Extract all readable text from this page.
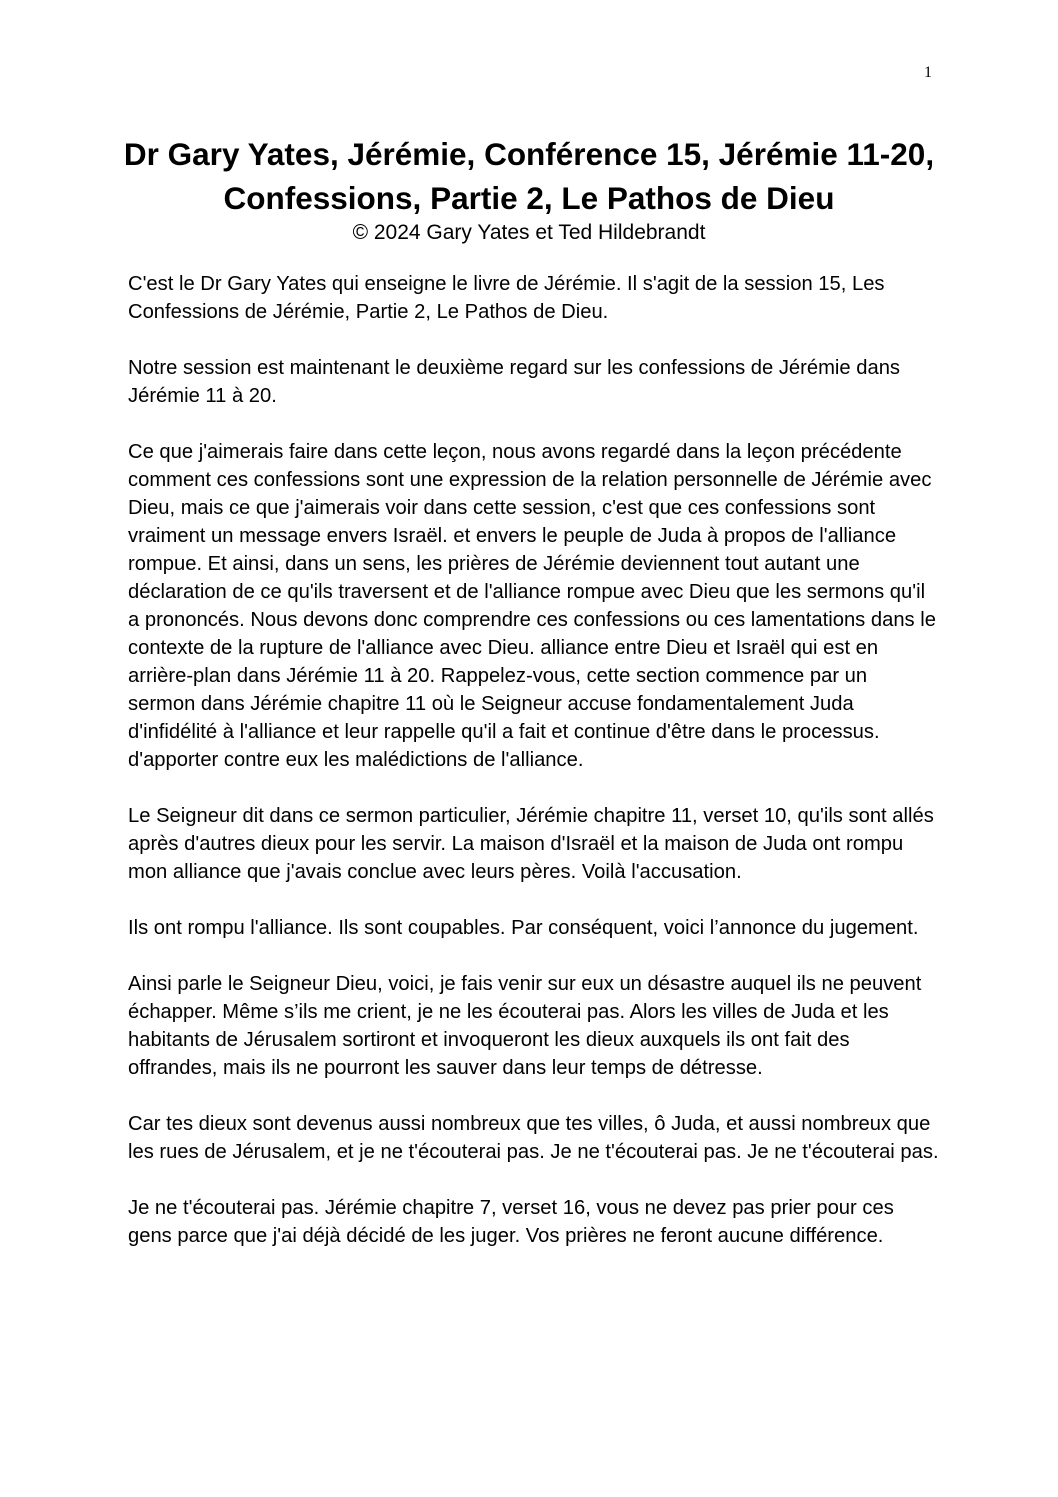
1

Dr Gary Yates, Jérémie, Conférence 15, Jérémie 11-20,

Confessions, Partie 2, Le Pathos de Dieu

© 2024 Gary Yates et Ted Hildebrandt

C'est le Dr Gary Yates qui enseigne le livre de Jérémie. Il s'agit de la session 15, Les Confessions de Jérémie, Partie 2, Le Pathos de Dieu.

Notre session est maintenant le deuxième regard sur les confessions de Jérémie dans Jérémie 11 à 20.

Ce que j'aimerais faire dans cette leçon, nous avons regardé dans la leçon précédente comment ces confessions sont une expression de la relation personnelle de Jérémie avec Dieu, mais ce que j'aimerais voir dans cette session, c'est que ces confessions sont vraiment un message envers Israël. et envers le peuple de Juda à propos de l'alliance rompue. Et ainsi, dans un sens, les prières de Jérémie deviennent tout autant une déclaration de ce qu'ils traversent et de l'alliance rompue avec Dieu que les sermons qu'il a prononcés. Nous devons donc comprendre ces confessions ou ces lamentations dans le contexte de la rupture de l'alliance avec Dieu. alliance entre Dieu et Israël qui est en arrière-plan dans Jérémie 11 à 20. Rappelez-vous, cette section commence par un sermon dans Jérémie chapitre 11 où le Seigneur accuse fondamentalement Juda d'infidélité à l'alliance et leur rappelle qu'il a fait et continue d'être dans le processus. d'apporter contre eux les malédictions de l'alliance.

Le Seigneur dit dans ce sermon particulier, Jérémie chapitre 11, verset 10, qu'ils sont allés après d'autres dieux pour les servir. La maison d'Israël et la maison de Juda ont rompu mon alliance que j'avais conclue avec leurs pères. Voilà l'accusation.

Ils ont rompu l'alliance. Ils sont coupables. Par conséquent, voici l’annonce du jugement.

Ainsi parle le Seigneur Dieu, voici, je fais venir sur eux un désastre auquel ils ne peuvent échapper. Même s’ils me crient, je ne les écouterai pas. Alors les villes de Juda et les habitants de Jérusalem sortiront et invoqueront les dieux auxquels ils ont fait des offrandes, mais ils ne pourront les sauver dans leur temps de détresse.

Car tes dieux sont devenus aussi nombreux que tes villes, ô Juda, et aussi nombreux que les rues de Jérusalem, et je ne t'écouterai pas. Je ne t'écouterai pas. Je ne t'écouterai pas.

Je ne t'écouterai pas. Jérémie chapitre 7, verset 16, vous ne devez pas prier pour ces gens parce que j'ai déjà décidé de les juger. Vos prières ne feront aucune différence.
